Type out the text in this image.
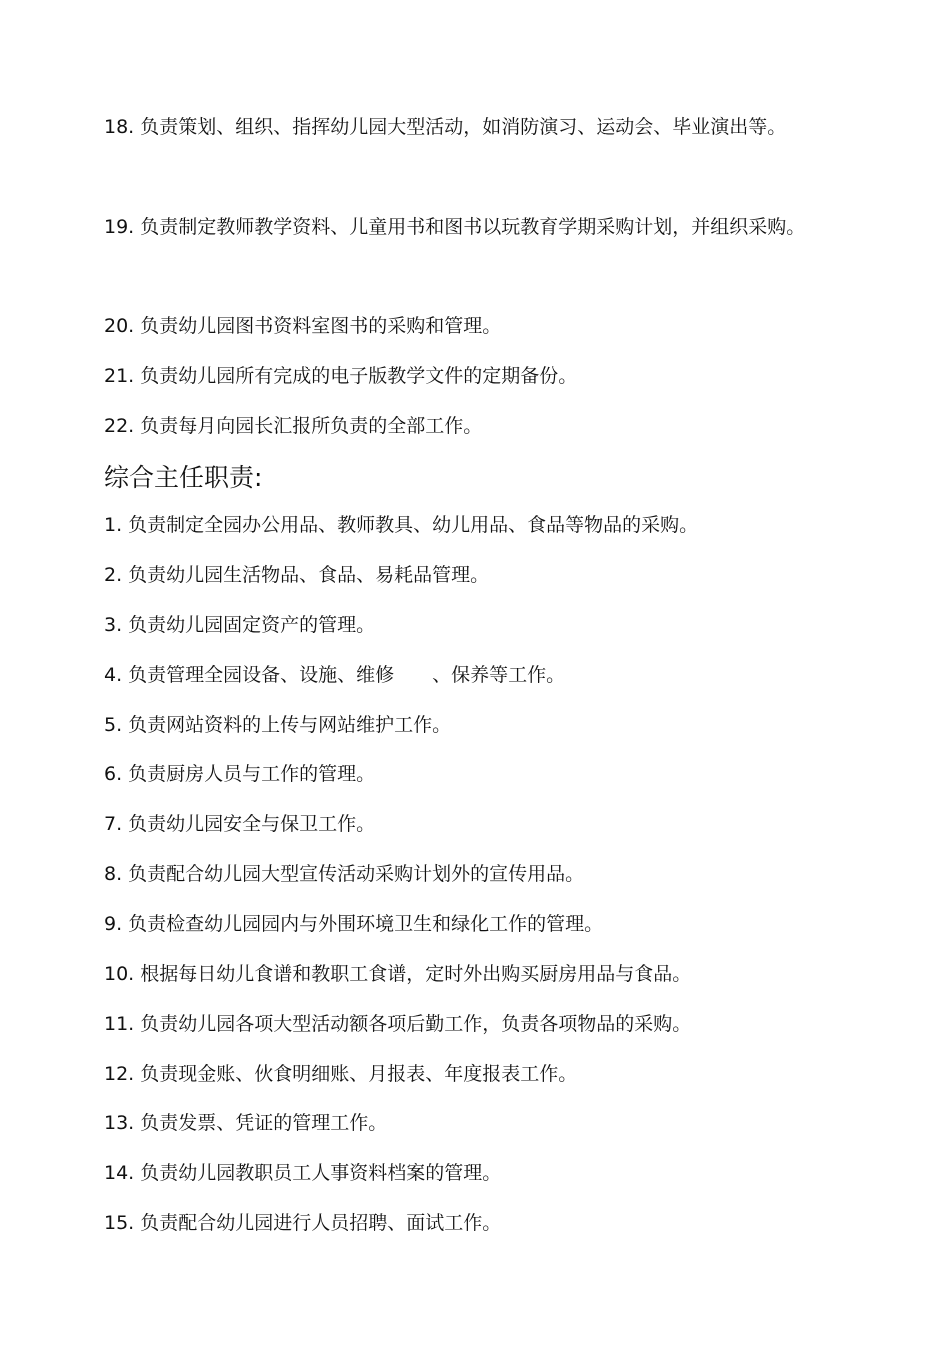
18. 负责策划、组织、指挥幼儿园大型活动，如消防演习、运动会、毕业演出等。
19. 负责制定教师教学资料、儿童用书和图书以玩教育学期采购计划，并组织采购。
20. 负责幼儿园图书资料室图书的采购和管理。
21. 负责幼儿园所有完成的电子版教学文件的定期备份。
22. 负责每月向园长汇报所负责的全部工作。
综合主任职责:
1. 负责制定全园办公用品、教师教具、幼儿用品、食品等物品的采购。
2. 负责幼儿园生活物品、食品、易耗品管理。
3. 负责幼儿园固定资产的管理。
4. 负责管理全园设备、设施、维修　　、保养等工作。
5. 负责网站资料的上传与网站维护工作。
6. 负责厨房人员与工作的管理。
7. 负责幼儿园安全与保卫工作。
8. 负责配合幼儿园大型宣传活动采购计划外的宣传用品。
9. 负责检查幼儿园园内与外围环境卫生和绿化工作的管理。
10. 根据每日幼儿食谱和教职工食谱，定时外出购买厨房用品与食品。
11. 负责幼儿园各项大型活动额各项后勤工作，负责各项物品的采购。
12. 负责现金账、伙食明细账、月报表、年度报表工作。
13. 负责发票、凭证的管理工作。
14. 负责幼儿园教职员工人事资料档案的管理。
15. 负责配合幼儿园进行人员招聘、面试工作。
